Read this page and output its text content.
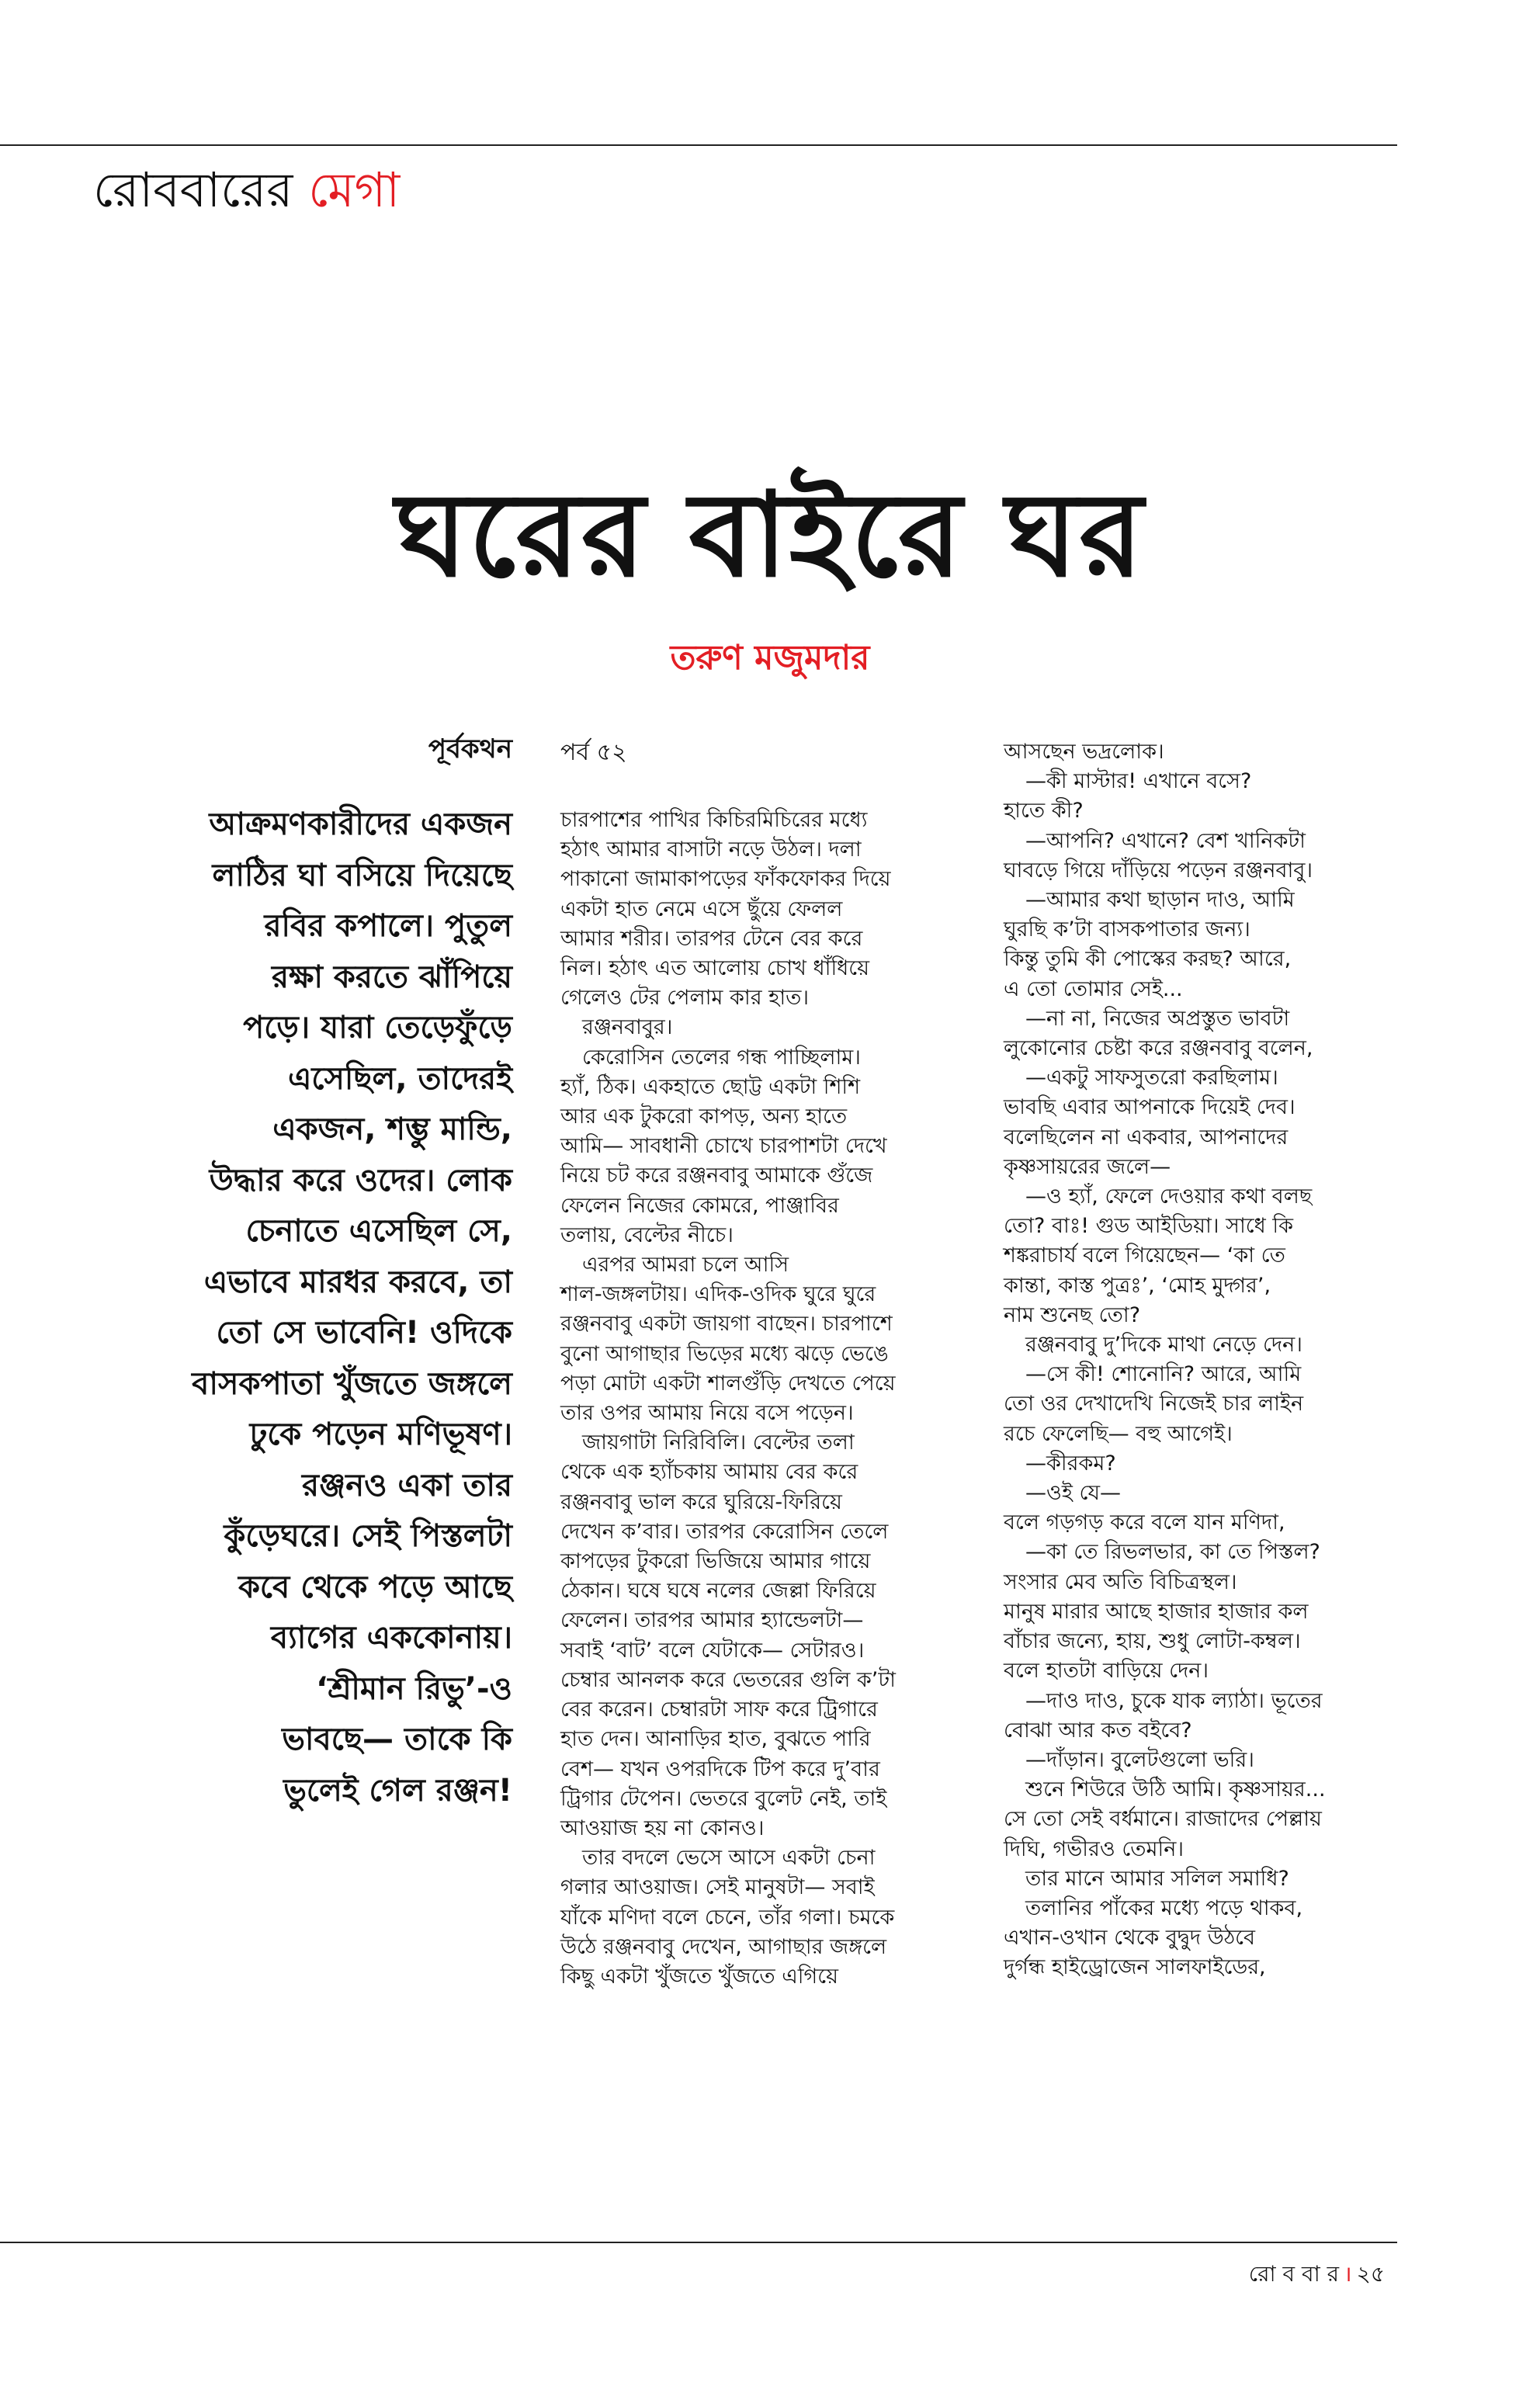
রোববারের মেগা
ঘরের বাইরে ঘর
তরুণ মজুমদার
পূর্বকথন
আক্রমণকারীদের একজন
লাঠির ঘা বসিয়ে দিয়েছে
রবির কপালে। পুতুল
রক্ষা করতে ঝাঁপিয়ে
পড়ে। যারা তেড়েফুঁড়ে
এসেছিল, তাদেরই
একজন, শম্ভু মান্ডি,
উদ্ধার করে ওদের। লোক
চেনাতে এসেছিল সে,
এভাবে মারধর করবে, তা
তো সে ভাবেনি! ওদিকে
বাসকপাতা খুঁজতে জঙ্গলে
ঢুকে পড়েন মণিভূষণ।
রঞ্জনও একা তার
কুঁড়েঘরে। সেই পিস্তলটা
কবে থেকে পড়ে আছে
ব্যাগের এককোনায়।
‘শ্রীমান রিভু’-ও
ভাবছে— তাকে কি
ভুলেই গেল রঞ্জন!
পর্ব ৫২
চারপাশের পাখির কিচিরমিচিরের মধ্যে
হঠাৎ আমার বাসাটা নড়ে উঠল। দলা
পাকানো জামাকাপড়ের ফাঁকফোকর দিয়ে
একটা হাত নেমে এসে ছুঁয়ে ফেলল
আমার শরীর। তারপর টেনে বের করে
নিল। হঠাৎ এত আলোয় চোখ ধাঁধিয়ে
গেলেও টের পেলাম কার হাত।
রঞ্জনবাবুর।
কেরোসিন তেলের গন্ধ পাচ্ছিলাম।
হ্যাঁ, ঠিক। একহাতে ছোট্ট একটা শিশি
আর এক টুকরো কাপড়, অন্য হাতে
আমি— সাবধানী চোখে চারপাশটা দেখে
নিয়ে চট করে রঞ্জনবাবু আমাকে গুঁজে
ফেলেন নিজের কোমরে, পাঞ্জাবির
তলায়, বেল্টের নীচে।
এরপর আমরা চলে আসি
শাল-জঙ্গলটায়। এদিক-ওদিক ঘুরে ঘুরে
রঞ্জনবাবু একটা জায়গা বাছেন। চারপাশে
বুনো আগাছার ভিড়ের মধ্যে ঝড়ে ভেঙে
পড়া মোটা একটা শালগুঁড়ি দেখতে পেয়ে
তার ওপর আমায় নিয়ে বসে পড়েন।
জায়গাটা নিরিবিলি। বেল্টের তলা
থেকে এক হ্যাঁচকায় আমায় বের করে
রঞ্জনবাবু ভাল করে ঘুরিয়ে-ফিরিয়ে
দেখেন ক’বার। তারপর কেরোসিন তেলে
কাপড়ের টুকরো ভিজিয়ে আমার গায়ে
ঠেকান। ঘষে ঘষে নলের জেল্লা ফিরিয়ে
ফেলেন। তারপর আমার হ্যান্ডেলটা—
সবাই ‘বাট’ বলে যেটাকে— সেটারও।
চেম্বার আনলক করে ভেতরের গুলি ক’টা
বের করেন। চেম্বারটা সাফ করে ট্রিগারে
হাত দেন। আনাড়ির হাত, বুঝতে পারি
বেশ— যখন ওপরদিকে টিপ করে দু’বার
ট্রিগার টেপেন। ভেতরে বুলেট নেই, তাই
আওয়াজ হয় না কোনও।
তার বদলে ভেসে আসে একটা চেনা
গলার আওয়াজ। সেই মানুষটা— সবাই
যাঁকে মণিদা বলে চেনে, তাঁর গলা। চমকে
উঠে রঞ্জনবাবু দেখেন, আগাছার জঙ্গলে
কিছু একটা খুঁজতে খুঁজতে এগিয়ে
আসছেন ভদ্রলোক।
—কী মাস্টার! এখানে বসে?
হাতে কী?
—আপনি? এখানে? বেশ খানিকটা
ঘাবড়ে গিয়ে দাঁড়িয়ে পড়েন রঞ্জনবাবু।
—আমার কথা ছাড়ান দাও, আমি
ঘুরছি ক’টা বাসকপাতার জন্য।
কিন্তু তুমি কী পোস্কের করছ? আরে,
এ তো তোমার সেই...
—না না, নিজের অপ্রস্তুত ভাবটা
লুকোনোর চেষ্টা করে রঞ্জনবাবু বলেন,
—একটু সাফসুতরো করছিলাম।
ভাবছি এবার আপনাকে দিয়েই দেব।
বলেছিলেন না একবার, আপনাদের
কৃষ্ণসায়রের জলে—
—ও হ্যাঁ, ফেলে দেওয়ার কথা বলছ
তো? বাঃ! গুড আইডিয়া। সাধে কি
শঙ্করাচার্য বলে গিয়েছেন— ‘কা তে
কান্তা, কাস্ত পুত্রঃ’, ‘মোহ মুদ্গর’,
নাম শুনেছ তো?
রঞ্জনবাবু দু’দিকে মাথা নেড়ে দেন।
—সে কী! শোনোনি? আরে, আমি
তো ওর দেখাদেখি নিজেই চার লাইন
রচে ফেলেছি— বহু আগেই।
—কীরকম?
—ওই যে—
বলে গড়গড় করে বলে যান মণিদা,
—কা তে রিভলভার, কা তে পিস্তল?
সংসার মেব অতি বিচিত্রস্থল।
মানুষ মারার আছে হাজার হাজার কল
বাঁচার জন্যে, হায়, শুধু লোটা-কম্বল।
বলে হাতটা বাড়িয়ে দেন।
—দাও দাও, চুকে যাক ল্যাঠা। ভূতের
বোঝা আর কত বইবে?
—দাঁড়ান। বুলেটগুলো ভরি।
শুনে শিউরে উঠি আমি। কৃষ্ণসায়র...
সে তো সেই বর্ধমানে। রাজাদের পেল্লায়
দিঘি, গভীরও তেমনি।
তার মানে আমার সলিল সমাধি?
তলানির পাঁকের মধ্যে পড়ে থাকব,
এখান-ওখান থেকে বুদ্বুদ উঠবে
দুর্গন্ধ হাইড্রোজেন সালফাইডের,
রো ব বা র । ২৫
